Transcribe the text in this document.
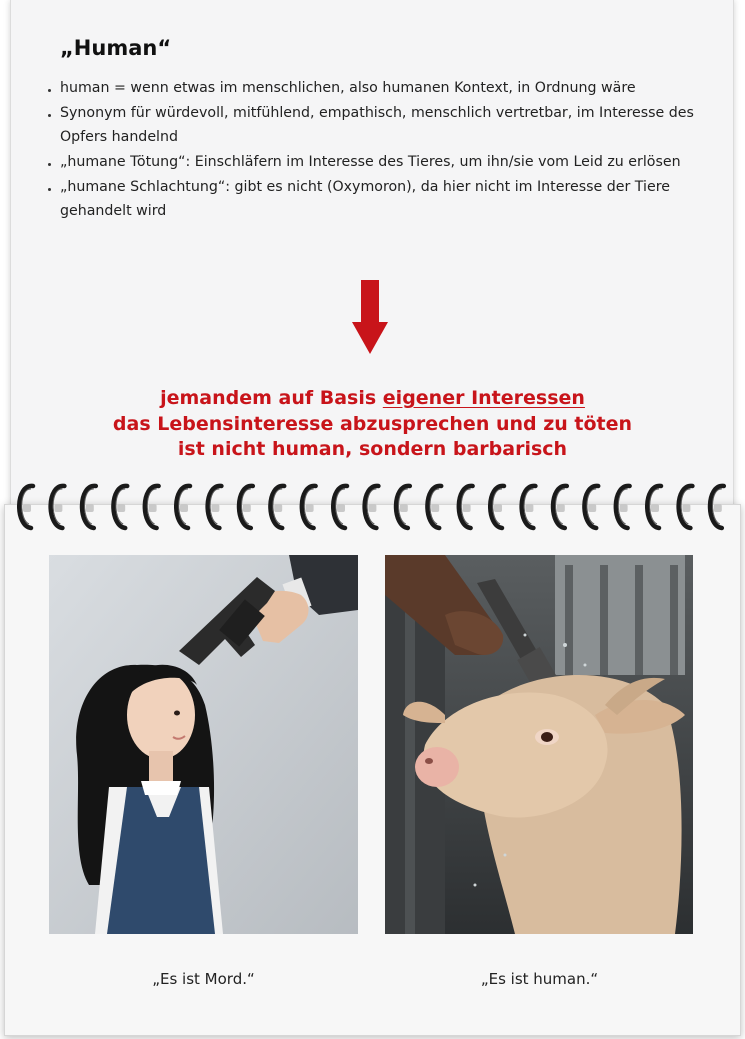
„Human“
human = wenn etwas im menschlichen, also humanen Kontext, in Ordnung wäre
Synonym für würdevoll, mitfühlend, empathisch, menschlich vertretbar, im Interesse des Opfers handelnd
„humane Tötung“: Einschläfern im Interesse des Tieres, um ihn/sie vom Leid zu erlösen
„humane Schlachtung“: gibt es nicht (Oxymoron), da hier nicht im Interesse der Tiere gehandelt wird
jemandem auf Basis eigener Interessen
das Lebensinteresse abzusprechen und zu töten
ist nicht human, sondern barbarisch
„Es ist Mord.“	„Es ist human.“
